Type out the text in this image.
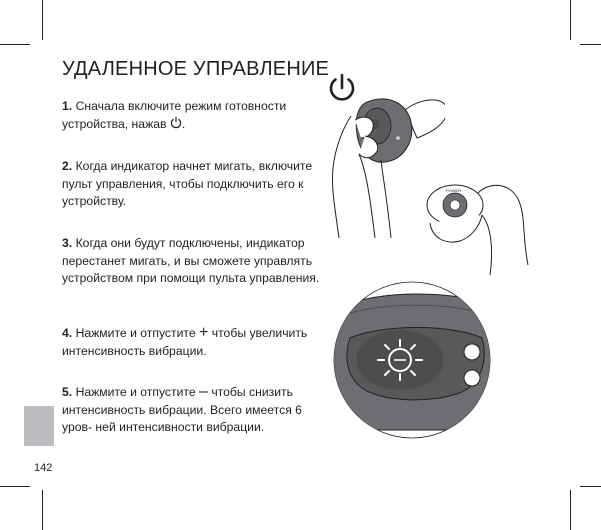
УДАЛЕННОЕ УПРАВЛЕНИЕ

1. Сначала включите режим готовности устройства, нажав .

2. Когда индикатор начнет мигать, включите пульт управления, чтобы подключить его к устройству.

3. Когда они будут подключены, индикатор перестанет мигать, и вы сможете управлять устройством при помощи пульта управления.

4. Нажмите и отпустите + чтобы увеличить интенсивность вибрации.

5. Нажмите и отпустите – чтобы снизить интенсивность вибрации. Всего имеется 6 уров- ней интенсивности вибрации.

POWER
142
